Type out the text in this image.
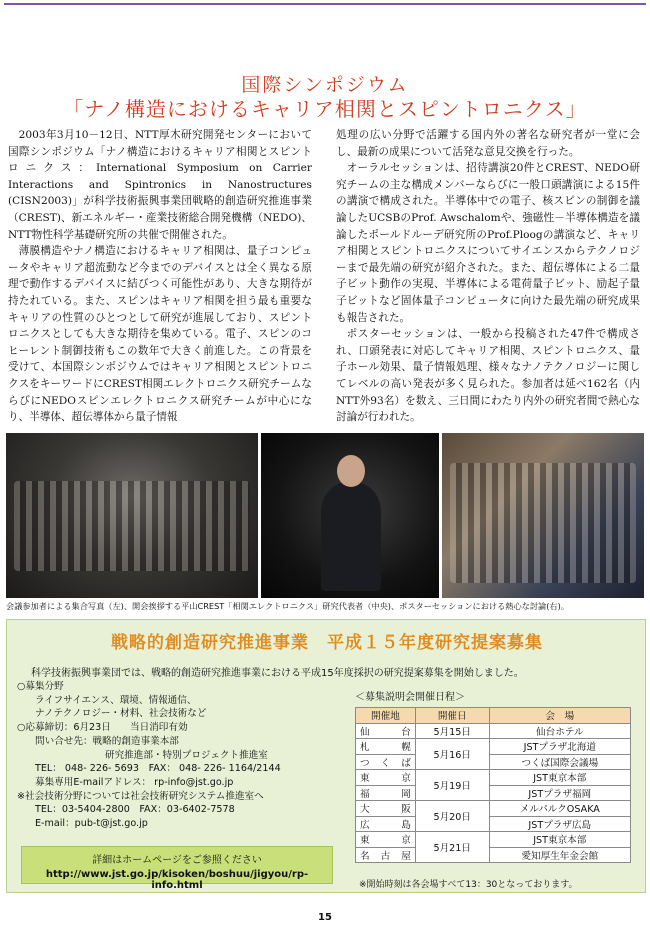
国際シンポジウム
「ナノ構造におけるキャリア相関とスピントロニクス」

2003年3月10－12日、NTT厚木研究開発センターにおいて国際シンポジウム「ナノ構造におけるキャリア相関とスピントロニクス：International Symposium on Carrier Interactions and Spintronics in Nanostructures (CISN2003)」が科学技術振興事業団戦略的創造研究推進事業（CREST)、新エネルギー・産業技術総合開発機構（NEDO)、NTT物性科学基礎研究所の共催で開催された。

薄膜構造やナノ構造におけるキャリア相関は、量子コンピュータやキャリア超流動など今までのデバイスとは全く異なる原理で動作するデバイスに結びつく可能性があり、大きな期待が持たれている。また、スピンはキャリア相関を担う最も重要なキャリアの性質のひとつとして研究が進展しており、スピントロニクスとしても大きな期待を集めている。電子、スピンのコヒーレント制御技術もこの数年で大きく前進した。この背景を受けて、本国際シンポジウムではキャリア相関とスピントロニクスをキーワードにCREST相関エレクトロニクス研究チームならびにNEDOスピンエレクトロニクス研究チームが中心になり、半導体、超伝導体から量子情報

処理の広い分野で活躍する国内外の著名な研究者が一堂に会し、最新の成果について活発な意見交換を行った。

オーラルセッションは、招待講演20件とCREST、NEDO研究チームの主な構成メンバーならびに一般口頭講演による15件の講演で構成された。半導体中での電子、核スピンの制御を議論したUCSBのProf. Awschalomや、強磁性－半導体構造を議論したポールドルーデ研究所のProf.Ploogの講演など、キャリア相関とスピントロニクスについてサイエンスからテクノロジーまで最先端の研究が紹介された。また、超伝導体による二量子ビット動作の実現、半導体による電荷量子ビット、励起子量子ビットなど固体量子コンピュータに向けた最先端の研究成果も報告された。

ポスターセッションは、一般から投稿された47件で構成され、口頭発表に対応してキャリア相関、スピントロニクス、量子ホール効果、量子情報処理、様々なナノテクノロジーに関してレベルの高い発表が多く見られた。参加者は延べ162名（内NTT外93名）を数え、三日間にわたり内外の研究者間で熱心な討論が行われた。

会議参加者による集合写真（左)、開会挨拶する平山CREST「相関エレクトロニクス」研究代表者（中央)、ポスターセッションにおける熱心な討論(右)。
戦略的創造研究推進事業　平成１５年度研究提案募集
科学技術振興事業団では、戦略的創造研究推進事業における平成15年度採択の研究提案募集を開始しました。
○募集分野
ライフサイエンス、環境、情報通信、
ナノテクノロジー・材料、社会技術など
○応募締切：6月23日　　当日消印有効
問い合せ先：戦略的創造事業本部
研究推進部・特別プロジェクト推進室
TEL： 048- 226- 5693　FAX： 048- 226- 1164/2144
募集専用E-mailアドレス： rp-info@jst.go.jp
※社会技術分野については社会技術研究システム推進室へ
TEL：03-5404-2800　FAX：03-6402-7578
E-mail：pub-t@jst.go.jp
詳細はホームページをご参照ください
http://www.jst.go.jp/kisoken/boshuu/jigyou/rp-info.html
＜募集説明会開催日程＞
開催地	開催日	会　場
仙台	5月15日	仙台ホテル
札幌	5月16日	JSTプラザ北海道
つくば		つくば国際会議場
東京	5月19日	JST東京本部
福岡		JSTプラザ福岡
大阪	5月20日	メルパルクOSAKA
広島		JSTプラザ広島
東京	5月21日	JST東京本部
名古屋		愛知厚生年金会館
※開始時刻は各会場すべて13：30となっております。
15
